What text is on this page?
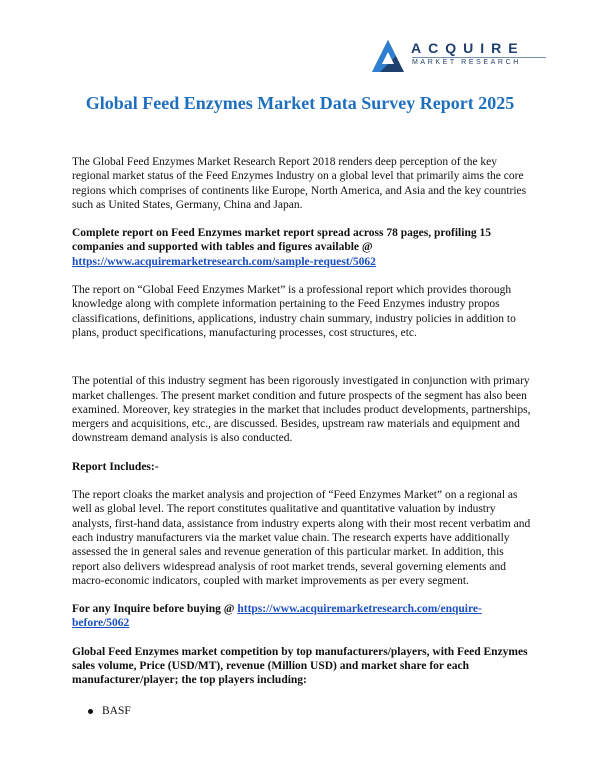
ACQUIRE
MARKET RESEARCH
Global Feed Enzymes Market Data Survey Report 2025

The Global Feed Enzymes Market Research Report 2018 renders deep perception of the key regional market status of the Feed Enzymes Industry on a global level that primarily aims the core regions which comprises of continents like Europe, North America, and Asia and the key countries such as United States, Germany, China and Japan.

Complete report on Feed Enzymes market report spread across 78 pages, profiling 15 companies and supported with tables and figures available @
https://www.acquiremarketresearch.com/sample-request/5062

The report on “Global Feed Enzymes Market” is a professional report which provides thorough knowledge along with complete information pertaining to the Feed Enzymes industry propos classifications, definitions, applications, industry chain summary, industry policies in addition to plans, product specifications, manufacturing processes, cost structures, etc.

The potential of this industry segment has been rigorously investigated in conjunction with primary market challenges. The present market condition and future prospects of the segment has also been examined. Moreover, key strategies in the market that includes product developments, partnerships, mergers and acquisitions, etc., are discussed. Besides, upstream raw materials and equipment and downstream demand analysis is also conducted.

Report Includes:-

The report cloaks the market analysis and projection of “Feed Enzymes Market” on a regional as well as global level. The report constitutes qualitative and quantitative valuation by industry analysts, first-hand data, assistance from industry experts along with their most recent verbatim and each industry manufacturers via the market value chain. The research experts have additionally assessed the in general sales and revenue generation of this particular market. In addition, this report also delivers widespread analysis of root market trends, several governing elements and macro-economic indicators, coupled with market improvements as per every segment.

For any Inquire before buying @ https://www.acquiremarketresearch.com/enquire-before/5062

Global Feed Enzymes market competition by top manufacturers/players, with Feed Enzymes sales volume, Price (USD/MT), revenue (Million USD) and market share for each manufacturer/player; the top players including:

BASF
